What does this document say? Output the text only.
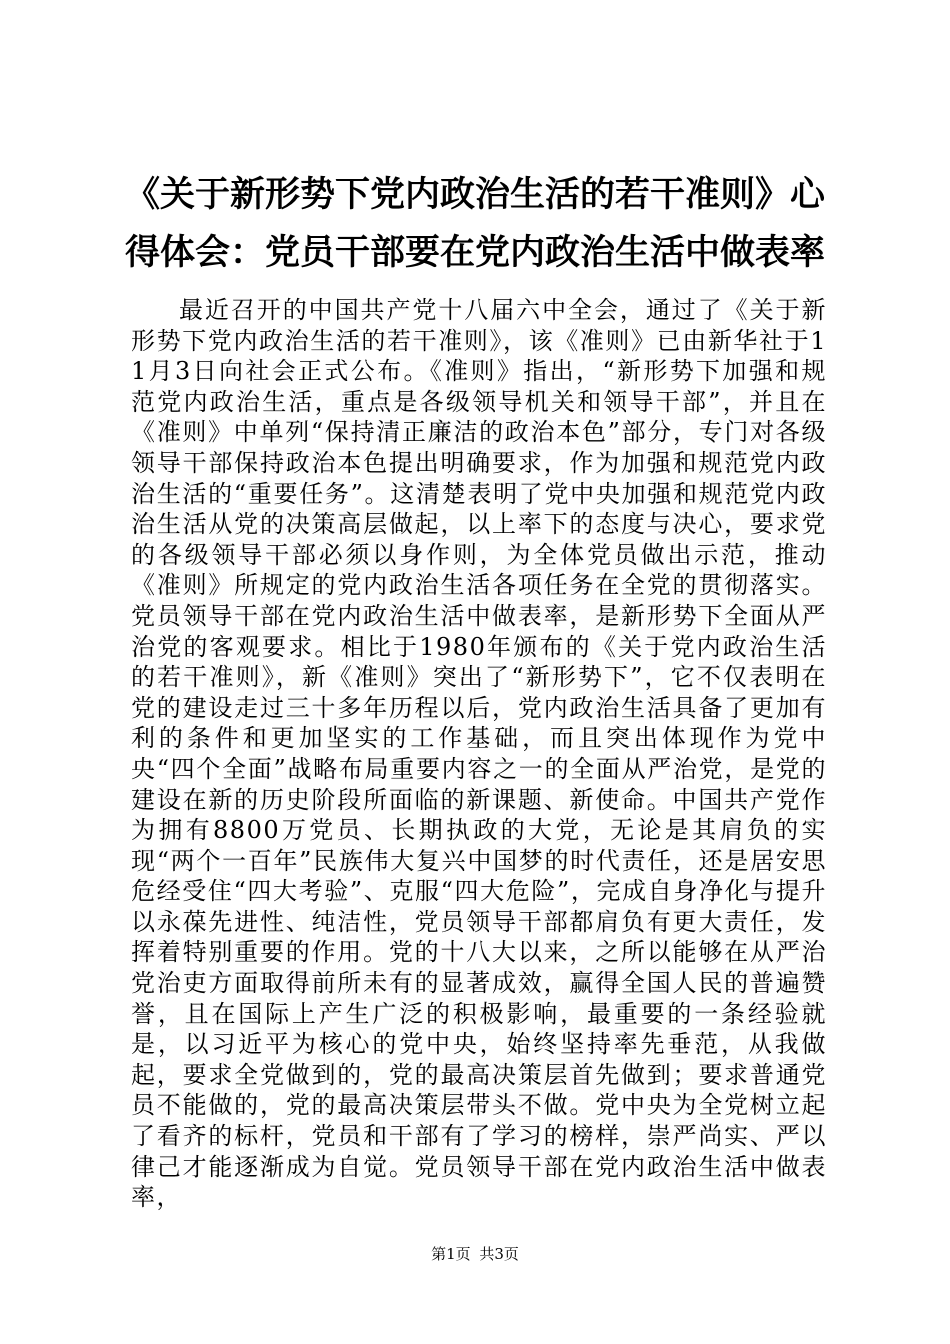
《关于新形势下党内政治生活的若干准则》心得体会：党员干部要在党内政治生活中做表率

最近召开的中国共产党十八届六中全会，通过了《关于新形势下党内政治生活的若干准则》，该《准则》已由新华社于11月3日向社会正式公布。《准则》指出，“新形势下加强和规范党内政治生活，重点是各级领导机关和领导干部”，并且在《准则》中单列“保持清正廉洁的政治本色”部分，专门对各级领导干部保持政治本色提出明确要求，作为加强和规范党内政治生活的“重要任务”。这清楚表明了党中央加强和规范党内政治生活从党的决策高层做起，以上率下的态度与决心，要求党的各级领导干部必须以身作则，为全体党员做出示范，推动《准则》所规定的党内政治生活各项任务在全党的贯彻落实。党员领导干部在党内政治生活中做表率，是新形势下全面从严治党的客观要求。相比于1980年颁布的《关于党内政治生活的若干准则》，新《准则》突出了“新形势下”，它不仅表明在党的建设走过三十多年历程以后，党内政治生活具备了更加有利的条件和更加坚实的工作基础，而且突出体现作为党中央“四个全面”战略布局重要内容之一的全面从严治党，是党的建设在新的历史阶段所面临的新课题、新使命。中国共产党作为拥有8800万党员、长期执政的大党，无论是其肩负的实现“两个一百年”民族伟大复兴中国梦的时代责任，还是居安思危经受住“四大考验”、克服“四大危险”，完成自身净化与提升以永葆先进性、纯洁性，党员领导干部都肩负有更大责任，发挥着特别重要的作用。党的十八大以来，之所以能够在从严治党治吏方面取得前所未有的显著成效，赢得全国人民的普遍赞誉，且在国际上产生广泛的积极影响，最重要的一条经验就是，以习近平为核心的党中央，始终坚持率先垂范，从我做起，要求全党做到的，党的最高决策层首先做到；要求普通党员不能做的，党的最高决策层带头不做。党中央为全党树立起了看齐的标杆，党员和干部有了学习的榜样，崇严尚实、严以律己才能逐渐成为自觉。党员领导干部在党内政治生活中做表率，

第1页 共3页
